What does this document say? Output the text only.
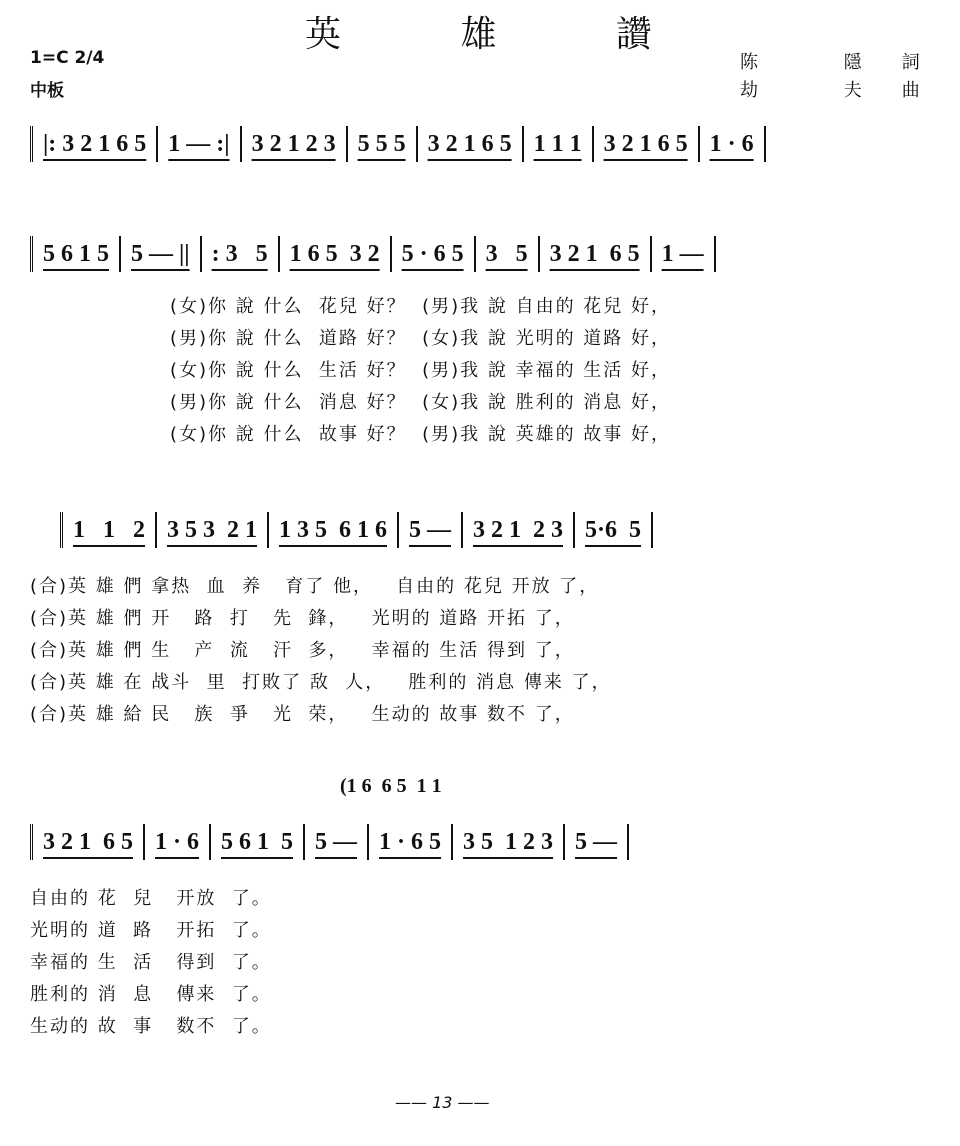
英 雄 讚
1=C 2/4
中板
陈 隱詞
劫 夫曲
|: 3 2 1 6 5 1 — :| 3 2 1 2 3 5 5 5 3 2 1 6 5 1 1 1 3 2 1 6 5 1 · 6
5 6 1 5 5 — || : 3   5 1 6 5  3 2 5 · 6 5 3   5 3 2 1  6 5 1 —
1   1   2 3 5 3  2 1 1 3 5  6 1 6 5 — 3 2 1  2 3 5·6  5
(1 6  6 5  1 1
3 2 1  6 5 1 · 6 5 6 1  5 5 — 1 · 6 5 3 5  1 2 3 5 —
(女)你 說 什么  花兒 好？  (男)我 說 自由的 花兒 好，
(男)你 說 什么  道路 好？  (女)我 說 光明的 道路 好，
(女)你 說 什么  生活 好？  (男)我 說 幸福的 生活 好，
(男)你 說 什么  消息 好？  (女)我 說 胜利的 消息 好，
(女)你 說 什么  故事 好？  (男)我 說 英雄的 故事 好，
(合)英 雄 們 拿热  血  养   育了 他，   自由的 花兒 开放 了，
(合)英 雄 們 开   路  打   先  鋒，   光明的 道路 开拓 了，
(合)英 雄 們 生   产  流   汗  多，   幸福的 生活 得到 了，
(合)英 雄 在 战斗  里  打敗了 敌  人，   胜利的 消息 傳来 了，
(合)英 雄 給 民   族  爭   光  荣，   生动的 故事 数不 了，
自由的 花  兒   开放  了。
光明的 道  路   开拓  了。
幸福的 生  活   得到  了。
胜利的 消  息   傳来  了。
生动的 故  事   数不  了。
—— 13 ——
